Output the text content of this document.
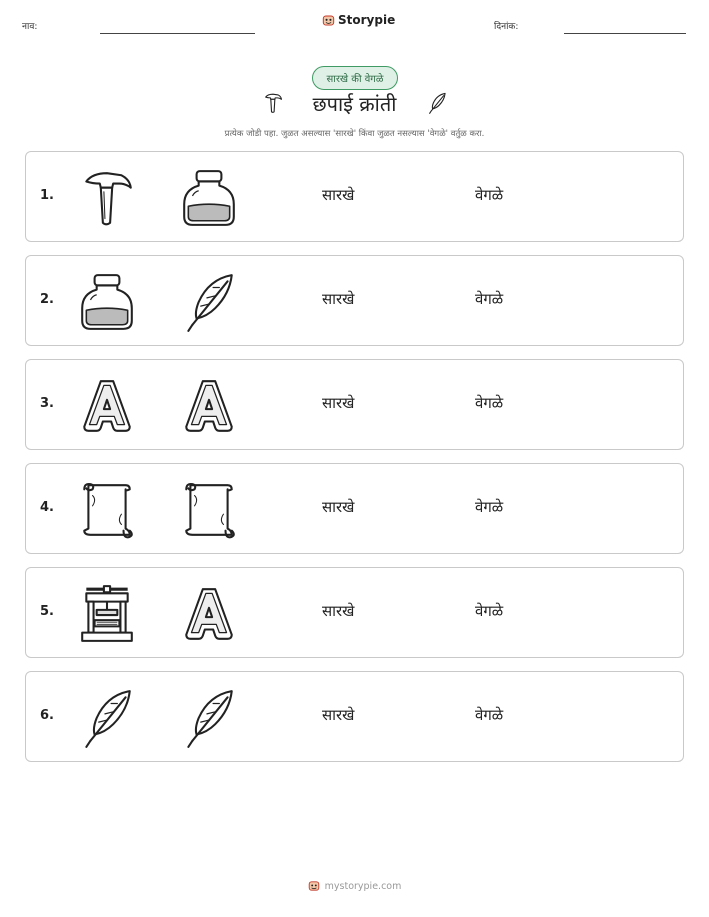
नाव:	Storypie	दिनांक:
सारखे की वेगळे
छपाई क्रांती
प्रत्येक जोडी पहा. जुळत असल्यास 'सारखे' किंवा जुळत नसल्यास 'वेगळे' वर्तुळ करा.
1.	सारखे	वेगळे
2.	सारखे	वेगळे
3.	सारखे	वेगळे
4.	सारखे	वेगळे
5.	सारखे	वेगळे
6.	सारखे	वेगळे
mystorypie.com
